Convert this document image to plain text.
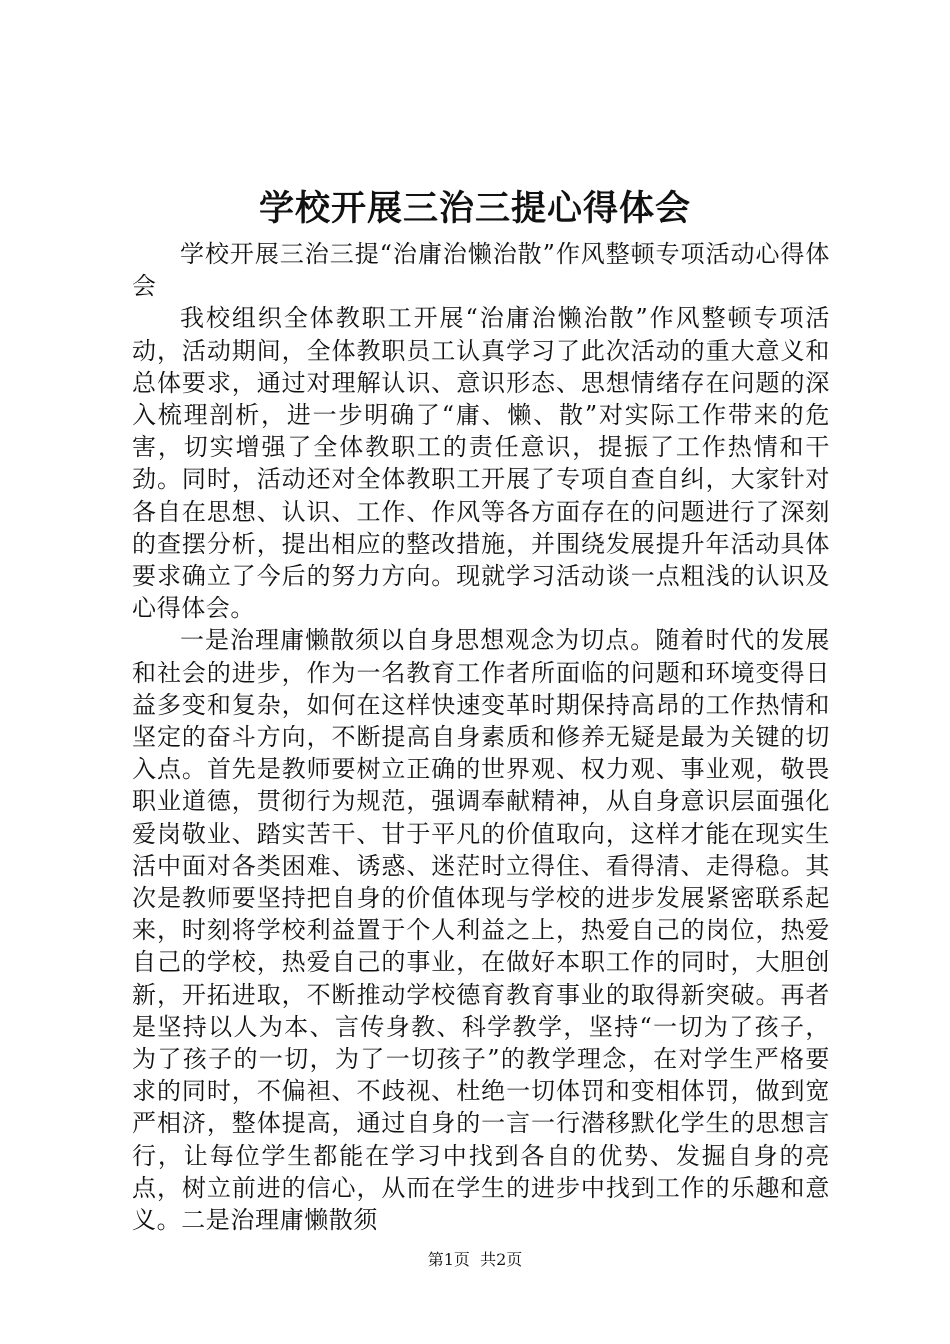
学校开展三治三提心得体会

学校开展三治三提“治庸治懒治散”作风整顿专项活动心得体会

我校组织全体教职工开展“治庸治懒治散”作风整顿专项活动，活动期间，全体教职员工认真学习了此次活动的重大意义和总体要求，通过对理解认识、意识形态、思想情绪存在问题的深入梳理剖析，进一步明确了“庸、懒、散”对实际工作带来的危害，切实增强了全体教职工的责任意识，提振了工作热情和干劲。同时，活动还对全体教职工开展了专项自查自纠，大家针对各自在思想、认识、工作、作风等各方面存在的问题进行了深刻的查摆分析，提出相应的整改措施，并围绕发展提升年活动具体要求确立了今后的努力方向。现就学习活动谈一点粗浅的认识及心得体会。

一是治理庸懒散须以自身思想观念为切点。随着时代的发展和社会的进步，作为一名教育工作者所面临的问题和环境变得日益多变和复杂，如何在这样快速变革时期保持高昂的工作热情和坚定的奋斗方向，不断提高自身素质和修养无疑是最为关键的切入点。首先是教师要树立正确的世界观、权力观、事业观，敬畏职业道德，贯彻行为规范，强调奉献精神，从自身意识层面强化爱岗敬业、踏实苦干、甘于平凡的价值取向，这样才能在现实生活中面对各类困难、诱惑、迷茫时立得住、看得清、走得稳。其次是教师要坚持把自身的价值体现与学校的进步发展紧密联系起来，时刻将学校利益置于个人利益之上，热爱自己的岗位，热爱自己的学校，热爱自己的事业，在做好本职工作的同时，大胆创新，开拓进取，不断推动学校德育教育事业的取得新突破。再者是坚持以人为本、言传身教、科学教学，坚持“一切为了孩子，为了孩子的一切，为了一切孩子”的教学理念，在对学生严格要求的同时，不偏袒、不歧视、杜绝一切体罚和变相体罚，做到宽严相济，整体提高，通过自身的一言一行潜移默化学生的思想言行，让每位学生都能在学习中找到各自的优势、发掘自身的亮点，树立前进的信心，从而在学生的进步中找到工作的乐趣和意义。二是治理庸懒散须

第1页 共2页
